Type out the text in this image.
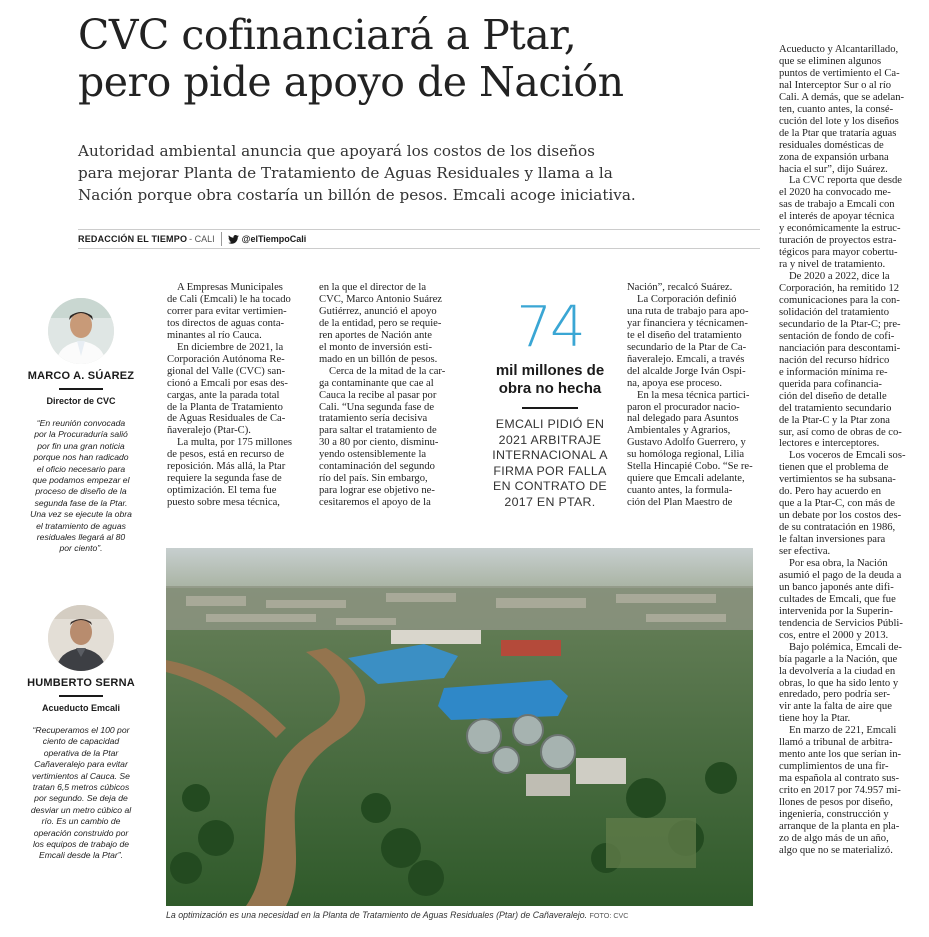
CVC cofinanciará a Ptar,
pero pide apoyo de Nación
Autoridad ambiental anuncia que apoyará los costos de los diseños
para mejorar Planta de Tratamiento de Aguas Residuales y llama a la
Nación porque obra costaría un billón de pesos. Emcali acoge iniciativa.
REDACCIÓN EL TIEMPO - CALI	@elTiempoCali
MARCO A. SÚAREZ
Director de CVC
“En reunión convocada
por la Procuraduría salió
por fin una gran noticia
porque nos han radicado
el oficio necesario para
que podamos empezar el
proceso de diseño de la
segunda fase de la Ptar.
Una vez se ejecute la obra
el tratamiento de aguas
residuales llegará al 80
por ciento”.
HUMBERTO SERNA
Acueducto Emcali
“Recuperamos el 100 por
ciento de capacidad
operativa de la Ptar
Cañaveralejo para evitar
vertimientos al Cauca. Se
tratan 6,5 metros cúbicos
por segundo. Se deja de
desviar un metro cúbico al
río. Es un cambio de
operación construido por
los equipos de trabajo de
Emcali desde la Ptar”.
A Empresas Municipales
de Cali (Emcali) le ha tocado
correr para evitar vertimien-
tos directos de aguas conta-
minantes al río Cauca.
En diciembre de 2021, la
Corporación Autónoma Re-
gional del Valle (CVC) san-
cionó a Emcali por esas des-
cargas, ante la parada total
de la Planta de Tratamiento
de Aguas Residuales de Ca-
ñaveralejo (Ptar-C).
La multa, por 175 millones
de pesos, está en recurso de
reposición. Más allá, la Ptar
requiere la segunda fase de
optimización. El tema fue
puesto sobre mesa técnica,
en la que el director de la
CVC, Marco Antonio Suárez
Gutiérrez, anunció el apoyo
de la entidad, pero se requie-
ren aportes de Nación ante
el monto de inversión esti-
mado en un billón de pesos.
Cerca de la mitad de la car-
ga contaminante que cae al
Cauca la recibe al pasar por
Cali. “Una segunda fase de
tratamiento sería decisiva
para saltar el tratamiento de
30 a 80 por ciento, disminu-
yendo ostensiblemente la
contaminación del segundo
río del país. Sin embargo,
para lograr ese objetivo ne-
cesitaremos el apoyo de la
Nación”, recalcó Suárez.
La Corporación definió
una ruta de trabajo para apo-
yar financiera y técnicamen-
te el diseño del tratamiento
secundario de la Ptar de Ca-
ñaveralejo. Emcali, a través
del alcalde Jorge Iván Ospi-
na, apoya ese proceso.
En la mesa técnica partici-
paron el procurador nacio-
nal delegado para Asuntos
Ambientales y Agrarios,
Gustavo Adolfo Guerrero, y
su homóloga regional, Lilia
Stella Hincapié Cobo. “Se re-
quiere que Emcali adelante,
cuanto antes, la formula-
ción del Plan Maestro de
Acueducto y Alcantarillado,
que se eliminen algunos
puntos de vertimiento el Ca-
nal Interceptor Sur o al río
Cali. A demás, que se adelan-
ten, cuanto antes, la consé-
cución del lote y los diseños
de la Ptar que trataría aguas
residuales domésticas de
zona de expansión urbana
hacia el sur”, dijo Suárez.
La CVC reporta que desde
el 2020 ha convocado me-
sas de trabajo a Emcali con
el interés de apoyar técnica
y económicamente la estruc-
turación de proyectos estra-
tégicos para mayor cobertu-
ra y nivel de tratamiento.
De 2020 a 2022, dice la
Corporación, ha remitido 12
comunicaciones para la con-
solidación del tratamiento
secundario de la Ptar-C; pre-
sentación de fondo de cofi-
nanciación para descontami-
nación del recurso hídrico
e información mínima re-
querida para cofinancia-
ción del diseño de detalle
del tratamiento secundario
de la Ptar-C y la Ptar zona
sur, así como de obras de co-
lectores e interceptores.
Los voceros de Emcali sos-
tienen que el problema de
vertimientos se ha subsana-
do. Pero hay acuerdo en
que a la Ptar-C, con más de
un debate por los costos des-
de su contratación en 1986,
le faltan inversiones para
ser efectiva.
Por esa obra, la Nación
asumió el pago de la deuda a
un banco japonés ante difi-
cultades de Emcali, que fue
intervenida por la Superin-
tendencia de Servicios Públi-
cos, entre el 2000 y 2013.
Bajo polémica, Emcali de-
bía pagarle a la Nación, que
la devolvería a la ciudad en
obras, lo que ha sido lento y
enredado, pero podría ser-
vir ante la falta de aire que
tiene hoy la Ptar.
En marzo de 221, Emcali
llamó a tribunal de arbitra-
mento ante los que serían in-
cumplimientos de una fir-
ma española al contrato sus-
crito en 2017 por 74.957 mi-
llones de pesos por diseño,
ingeniería, construcción y
arranque de la planta en pla-
zo de algo más de un año,
algo que no se materializó.
74
mil millones de
obra no hecha
EMCALI PIDIÓ EN
2021 ARBITRAJE
INTERNACIONAL A
FIRMA POR FALLA
EN CONTRATO DE
2017 EN PTAR.
La optimización es una necesidad en la Planta de Tratamiento de Aguas Residuales (Ptar) de Cañaveralejo. FOTO: CVC
